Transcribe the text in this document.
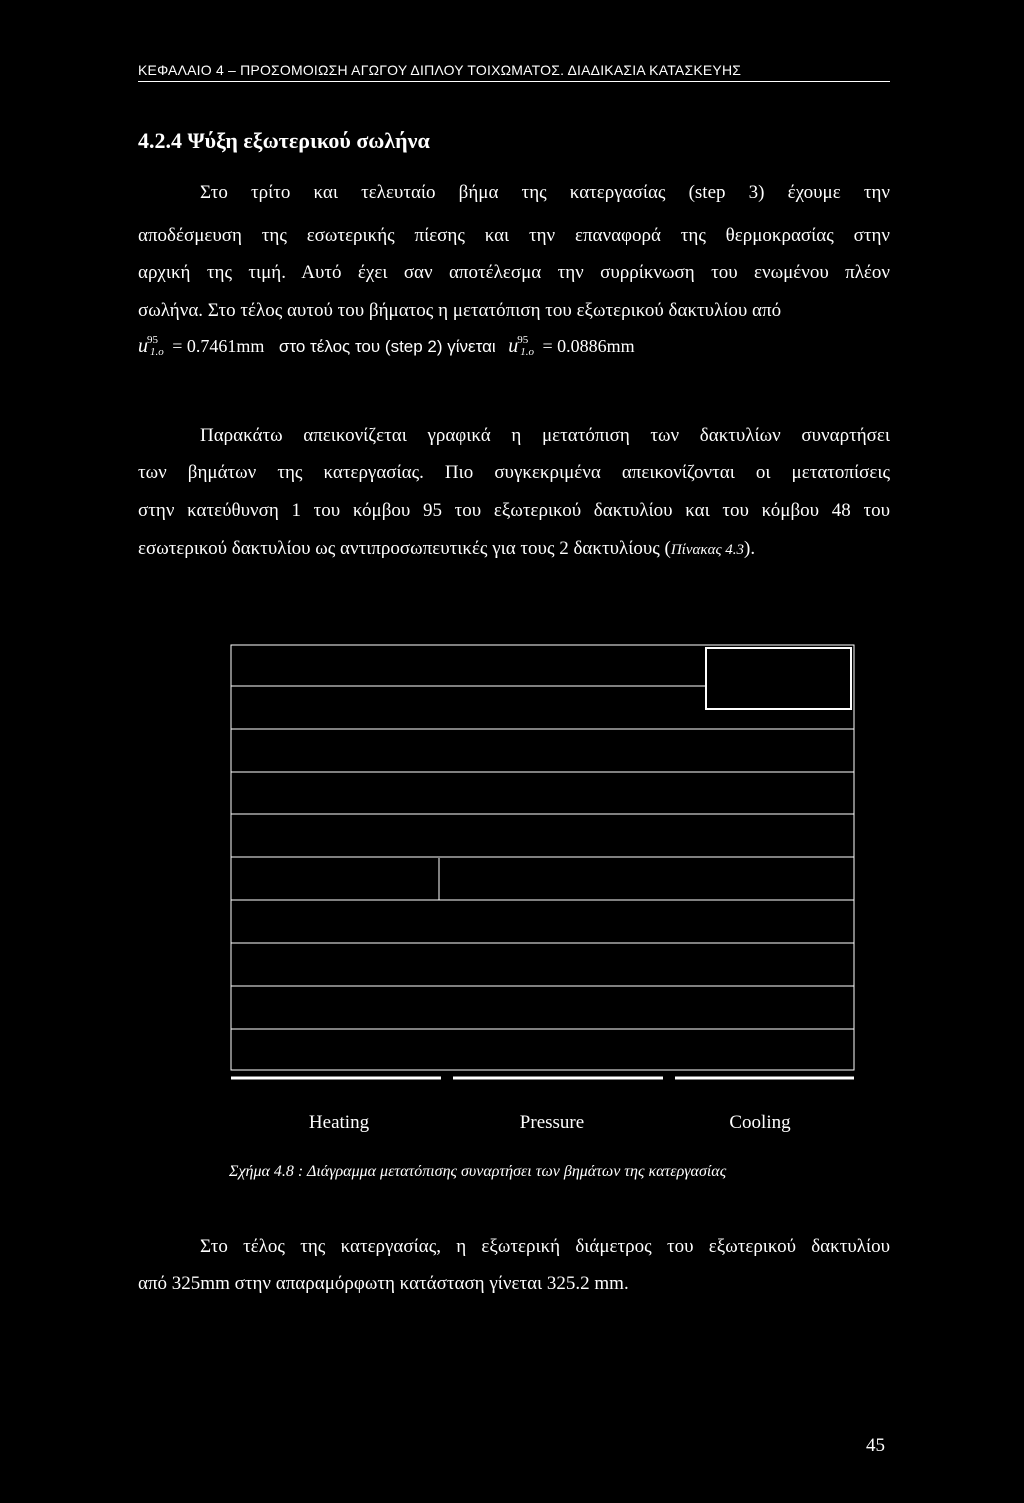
ΚΕΦΑΛΑΙΟ 4 – ΠΡΟΣΟΜΟΙΩΣΗ ΑΓΩΓΟΥ ΔΙΠΛΟΥ ΤΟΙΧΩΜΑΤΟΣ. ΔΙΑΔΙΚΑΣΙΑ ΚΑΤΑΣΚΕΥΗΣ
4.2.4 Ψύξη εξωτερικού σωλήνα
Στο τρίτο και τελευταίο βήμα της κατεργασίας (step 3) έχουμε την
αποδέσμευση της εσωτερικής πίεσης και την επαναφορά της θερμοκρασίας στην
αρχική της τιμή. Αυτό έχει σαν αποτέλεσμα την συρρίκνωση του ενωμένου πλέον
σωλήνα. Στο τέλος αυτού του βήματος η μετατόπιση του εξωτερικού δακτυλίου από
$u^{95}_{1.o} = 0.7461mm$ στο τέλος του (step 2) γίνεται $u^{95}_{1.o} = 0.0886mm$
Παρακάτω απεικονίζεται γραφικά η μετατόπιση των δακτυλίων συναρτήσει
των βημάτων της κατεργασίας. Πιο συγκεκριμένα απεικονίζονται οι μετατοπίσεις
στην κατεύθυνση 1 του κόμβου 95 του εξωτερικού δακτυλίου και του κόμβου 48 του
εσωτερικού δακτυλίου ως αντιπροσωπευτικές για τους 2 δακτυλίους (Πίνακας 4.3).
Heating	Pressure	Cooling
Σχήμα 4.8 : Διάγραμμα μετατόπισης συναρτήσει των βημάτων της κατεργασίας
Στο τέλος της κατεργασίας, η εξωτερική διάμετρος του εξωτερικού δακτυλίου
από 325mm στην απαραμόρφωτη κατάσταση γίνεται 325.2 mm.
45
